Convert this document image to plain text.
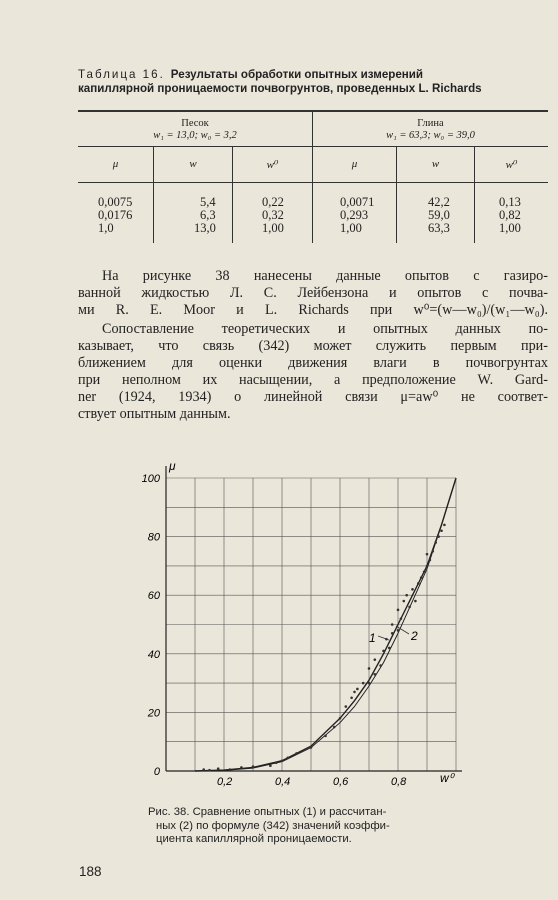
Таблица 16. Результаты обработки опытных измерений
капиллярной проницаемости почвогрунтов, проведенных L. Richards
Песок
w₁ = 13,0; w₀ = 3,2
Глина
w₁ = 63,3; w₀ = 39,0
μ	w	w⁰	μ	w	w⁰
0,0075	5,4	0,22	0,0071	42,2	0,13
0,0176	6,3	0,32	0,293	59,0	0,82
1,0	13,0	1,00	1,00	63,3	1,00
На рисунке 38 нанесены данные опытов с газиро-
ванной жидкостью Л. С. Лейбензона и опытов с почва-
ми R. E. Moor и L. Richards при w⁰=(w—w₀)/(w₁—w₀).
Сопоставление теоретических и опытных данных по-
казывает, что связь (342) может служить первым при-
ближением для оценки движения влаги в почвогрунтах
при неполном их насыщении, а предположение W. Gard-
ner (1924, 1934) о линейной связи μ=aw⁰ не соответ-
ствует опытным данным.
0,2	0,4	0,6	0,8
0
20
40
60
80
100
w⁰
μ
1	2
Рис. 38. Сравнение опытных (1) и рассчитан-
ных (2) по формуле (342) значений коэффи-
циента капиллярной проницаемости.
188
